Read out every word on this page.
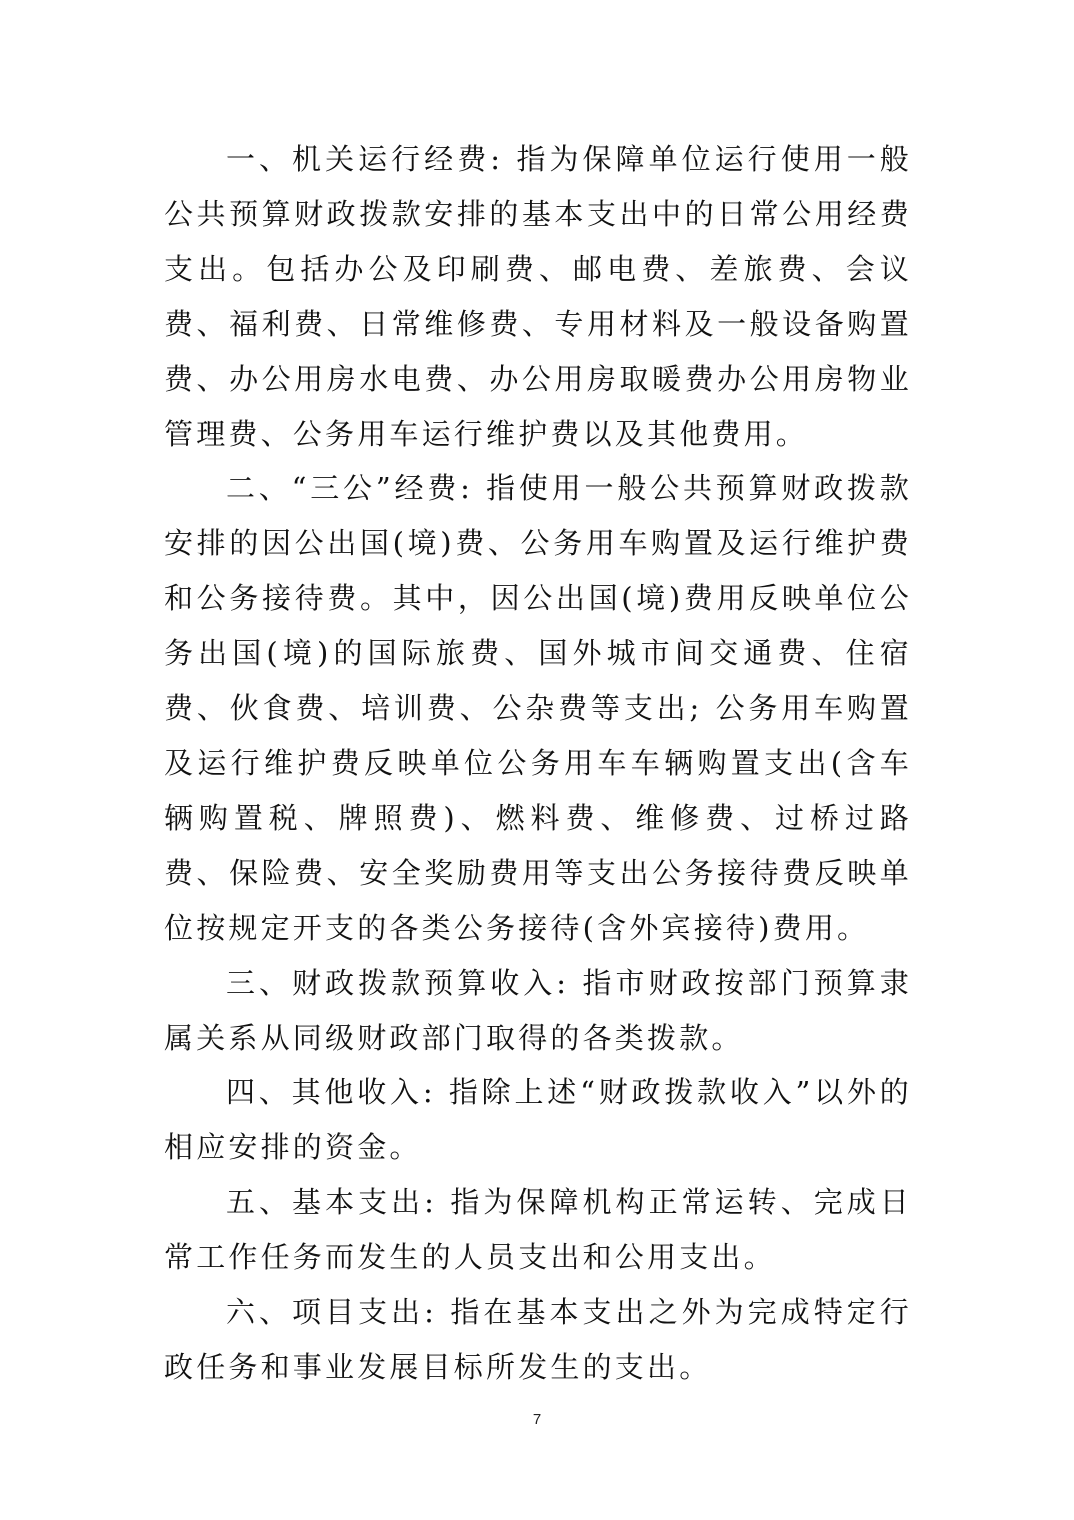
一、机关运行经费: 指为保障单位运行使用一般公共预算财政拨款安排的基本支出中的日常公用经费支出。包括办公及印刷费、邮电费、差旅费、会议费、福利费、日常维修费、专用材料及一般设备购置费、办公用房水电费、办公用房取暖费办公用房物业管理费、公务用车运行维护费以及其他费用。

二、“三公”经费: 指使用一般公共预算财政拨款安排的因公出国(境)费、公务用车购置及运行维护费和公务接待费。其中，因公出国(境)费用反映单位公务出国(境)的国际旅费、国外城市间交通费、住宿费、伙食费、培训费、公杂费等支出; 公务用车购置及运行维护费反映单位公务用车车辆购置支出(含车辆购置税、牌照费)、燃料费、维修费、过桥过路费、保险费、安全奖励费用等支出公务接待费反映单位按规定开支的各类公务接待(含外宾接待)费用。

三、财政拨款预算收入: 指市财政按部门预算隶属关系从同级财政部门取得的各类拨款。

四、其他收入: 指除上述“财政拨款收入”以外的相应安排的资金。

五、基本支出: 指为保障机构正常运转、完成日常工作任务而发生的人员支出和公用支出。

六、项目支出: 指在基本支出之外为完成特定行政任务和事业发展目标所发生的支出。

7
